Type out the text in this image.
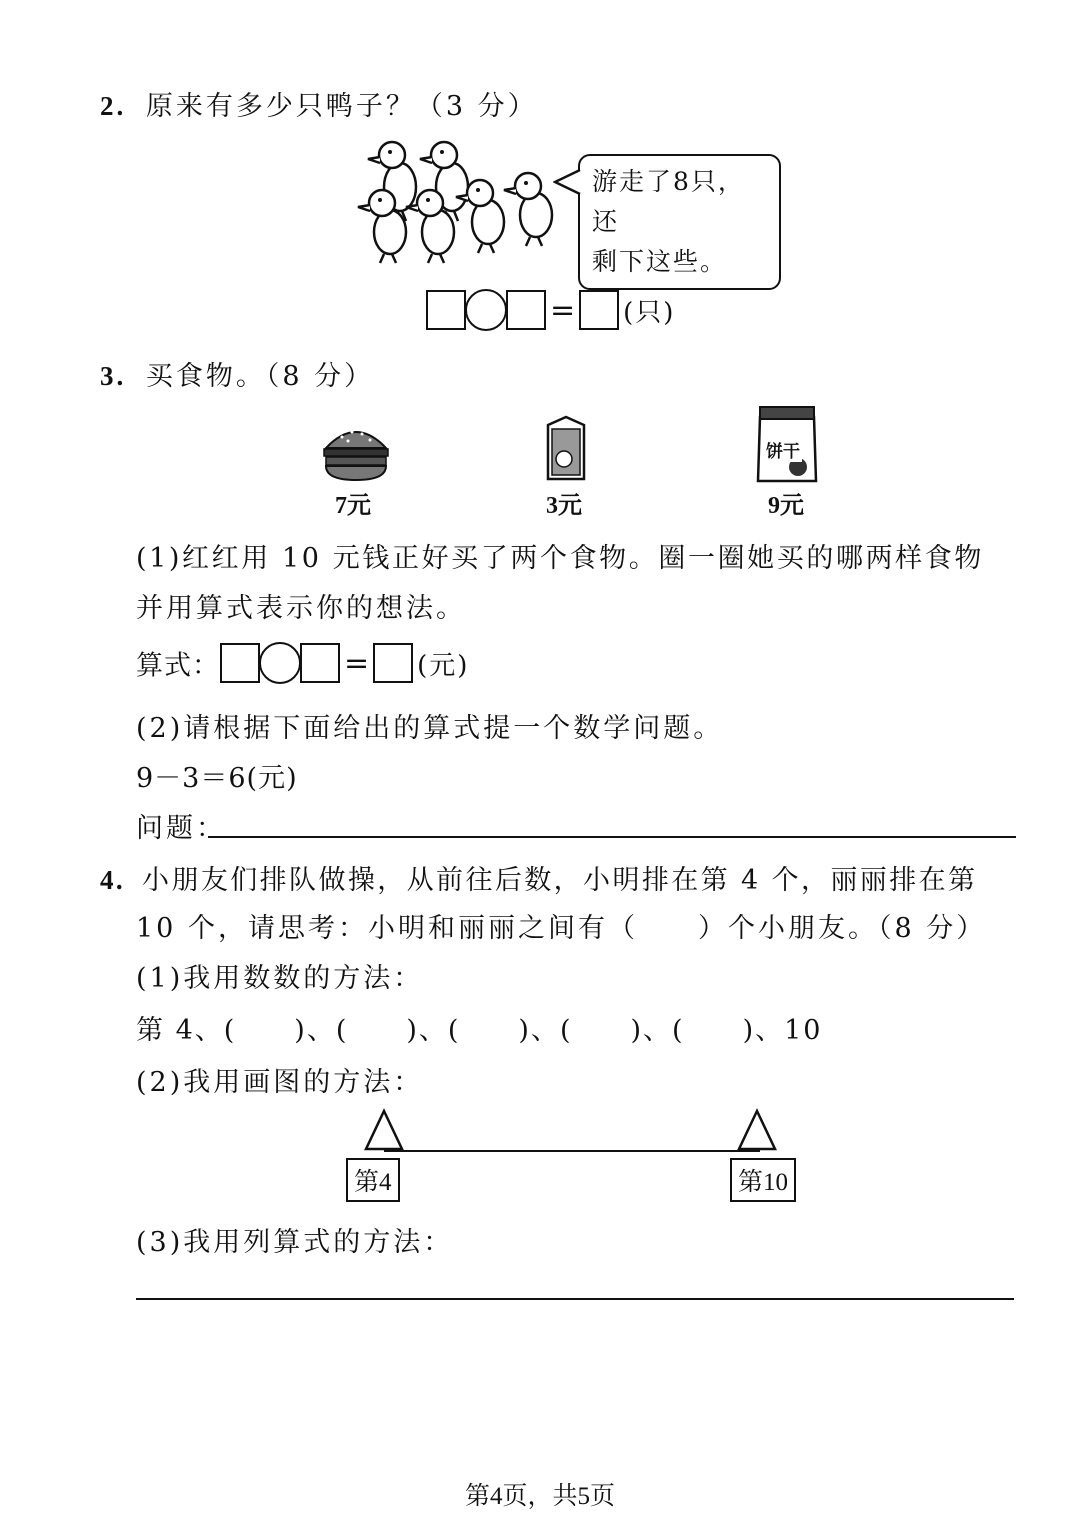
2. 原来有多少只鸭子？（3 分）
游走了8只，还
剩下这些。
= (只)
3. 买食物。（8 分）
饼干
7元	3元	9元
(1)红红用 10 元钱正好买了两个食物。圈一圈她买的哪两样食物
并用算式表示你的想法。
算式：	= (元)
(2)请根据下面给出的算式提一个数学问题。
9－3＝6(元)
问题：
4. 小朋友们排队做操，从前往后数，小明排在第 4 个，丽丽排在第
10 个，请思考：小明和丽丽之间有（　　）个小朋友。（8 分）
(1)我用数数的方法：
第 4、(　　)、(　　)、(　　)、(　　)、(　　)、10
(2)我用画图的方法：
第4	第10
(3)我用列算式的方法：
第4页，共5页
